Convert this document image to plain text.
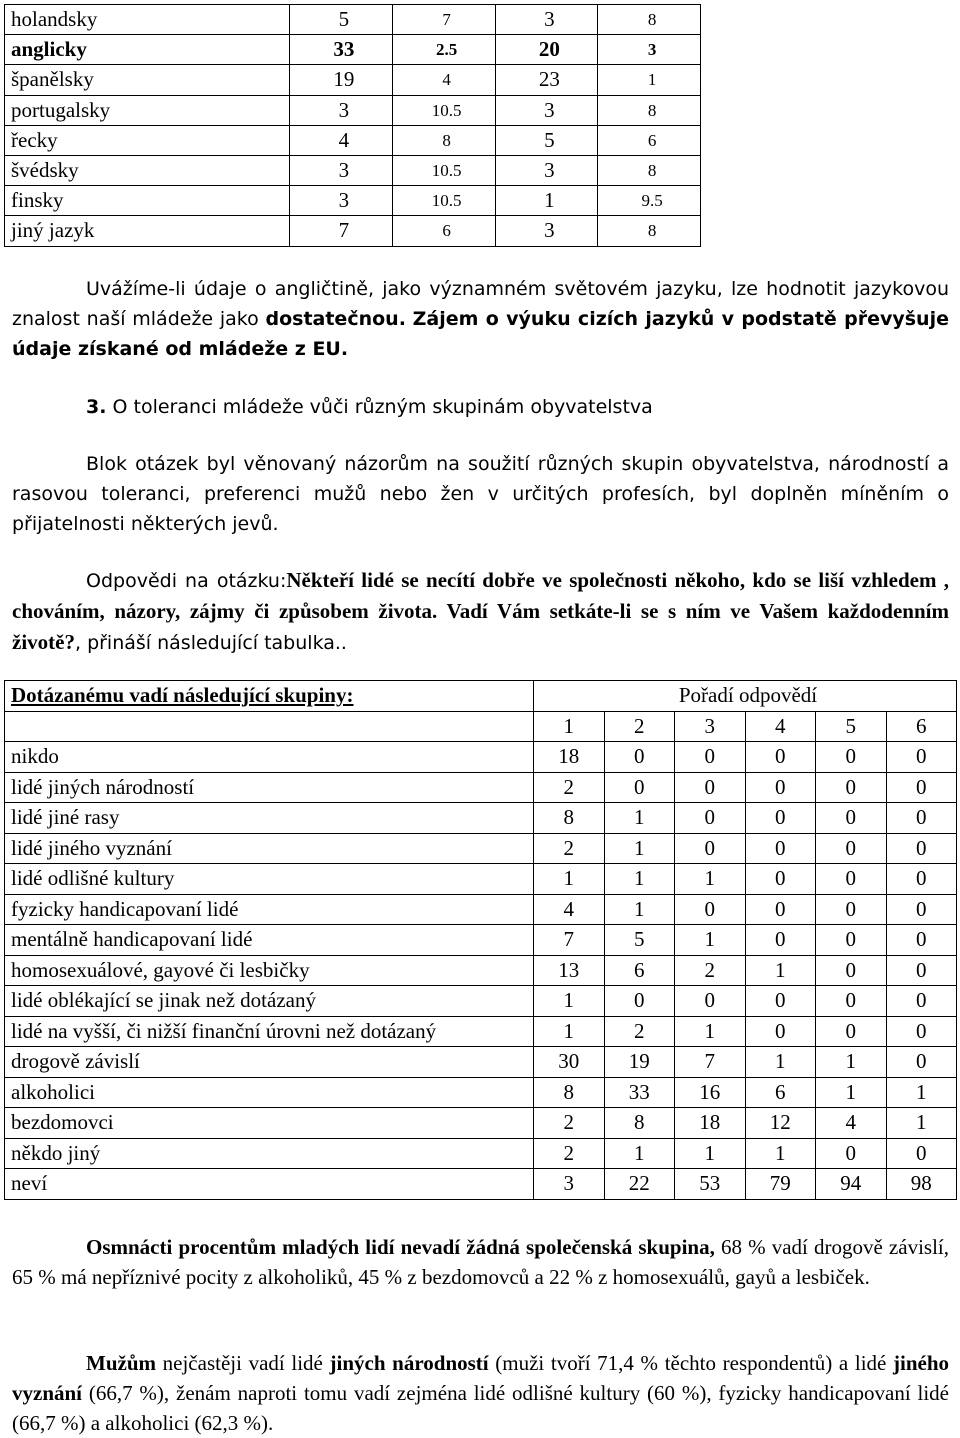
holandsky	5	7	3	8
anglicky	33	2.5	20	3
španělsky	19	4	23	1
portugalsky	3	10.5	3	8
řecky	4	8	5	6
švédsky	3	10.5	3	8
finsky	3	10.5	1	9.5
jiný jazyk	7	6	3	8
Uvážíme-li údaje o angličtině, jako významném světovém jazyku, lze hodnotit jazykovou znalost naší mládeže jako dostatečnou. Zájem o výuku cizích jazyků v podstatě převyšuje údaje získané od mládeže z EU.
3. O toleranci mládeže vůči různým skupinám obyvatelstva
Blok otázek byl věnovaný názorům na soužití různých skupin obyvatelstva, národností a rasovou toleranci, preferenci mužů nebo žen v určitých profesích, byl doplněn míněním o přijatelnosti některých jevů.
Odpovědi na otázku:Někteří lidé se necítí dobře ve společnosti někoho, kdo se liší vzhledem , chováním, názory, zájmy či způsobem života. Vadí Vám setkáte-li se s ním ve Vašem každodenním životě?, přináší následující tabulka..
Dotázanému vadí následující skupiny:	Pořadí odpovědí					
	1	2	3	4	5	6
nikdo	18	0	0	0	0	0
lidé jiných národností	2	0	0	0	0	0
lidé jiné rasy	8	1	0	0	0	0
lidé jiného vyznání	2	1	0	0	0	0
lidé odlišné kultury	1	1	1	0	0	0
fyzicky handicapovaní lidé	4	1	0	0	0	0
mentálně handicapovaní lidé	7	5	1	0	0	0
homosexuálové, gayové či lesbičky	13	6	2	1	0	0
lidé oblékající se jinak než dotázaný	1	0	0	0	0	0
lidé na vyšší, či nižší finanční úrovni než dotázaný	1	2	1	0	0	0
drogově závislí	30	19	7	1	1	0
alkoholici	8	33	16	6	1	1
bezdomovci	2	8	18	12	4	1
někdo jiný	2	1	1	1	0	0
neví	3	22	53	79	94	98
Osmnácti procentům mladých lidí nevadí žádná společenská skupina, 68 % vadí drogově závislí, 65 % má nepříznivé pocity z alkoholiků, 45 % z bezdomovců a 22 % z homosexuálů, gayů a lesbiček.
Mužům nejčastěji vadí lidé jiných národností (muži tvoří 71,4 % těchto respondentů) a lidé jiného vyznání (66,7 %), ženám naproti tomu vadí zejména lidé odlišné kultury (60 %), fyzicky handicapovaní lidé (66,7 %) a alkoholici (62,3 %).
